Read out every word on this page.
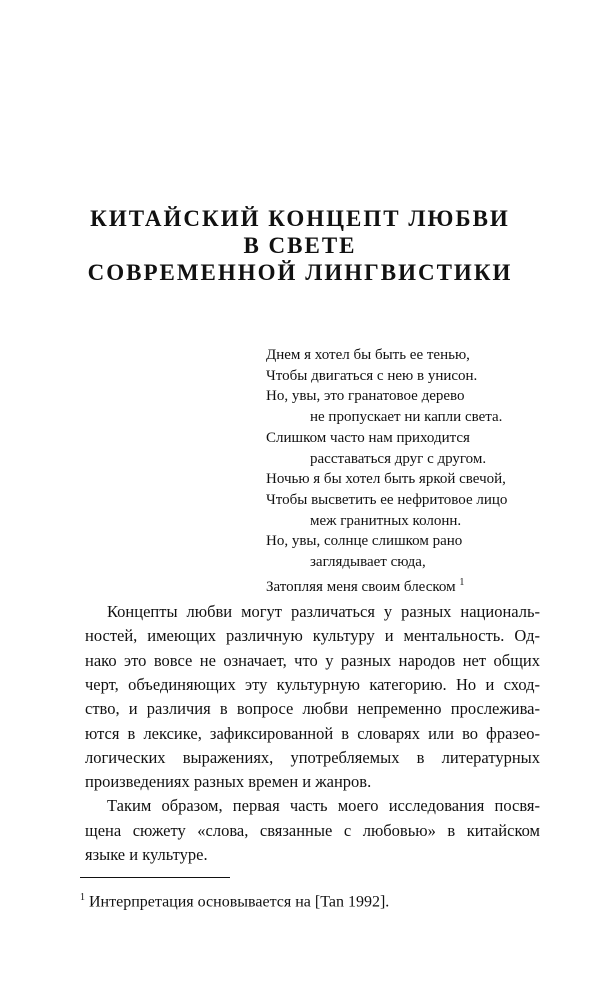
КИТАЙСКИЙ КОНЦЕПТ ЛЮБВИ
В СВЕТЕ
СОВРЕМЕННОЙ ЛИНГВИСТИКИ
Днем я хотел бы быть ее тенью,
Чтобы двигаться с нею в унисон.
Но, увы, это гранатовое дерево
не пропускает ни капли света.
Слишком часто нам приходится
расставаться друг с другом.
Ночью я бы хотел быть яркой свечой,
Чтобы высветить ее нефритовое лицо
меж гранитных колонн.
Но, увы, солнце слишком рано
заглядывает сюда,
Затопляя меня своим блеском $^1$
Концепты любви могут различаться у разных националь-
ностей, имеющих различную культуру и ментальность. Од-
нако это вовсе не означает, что у разных народов нет общих
черт, объединяющих эту культурную категорию. Но и сход-
ство, и различия в вопросе любви непременно прослежива-
ются в лексике, зафиксированной в словарях или во фразео-
логических выражениях, употребляемых в литературных
произведениях разных времен и жанров.
Таким образом, первая часть моего исследования посвя-
щена сюжету «слова, связанные с любовью» в китайском
языке и культуре.
$^1$ Интерпретация основывается на [Tan 1992].
